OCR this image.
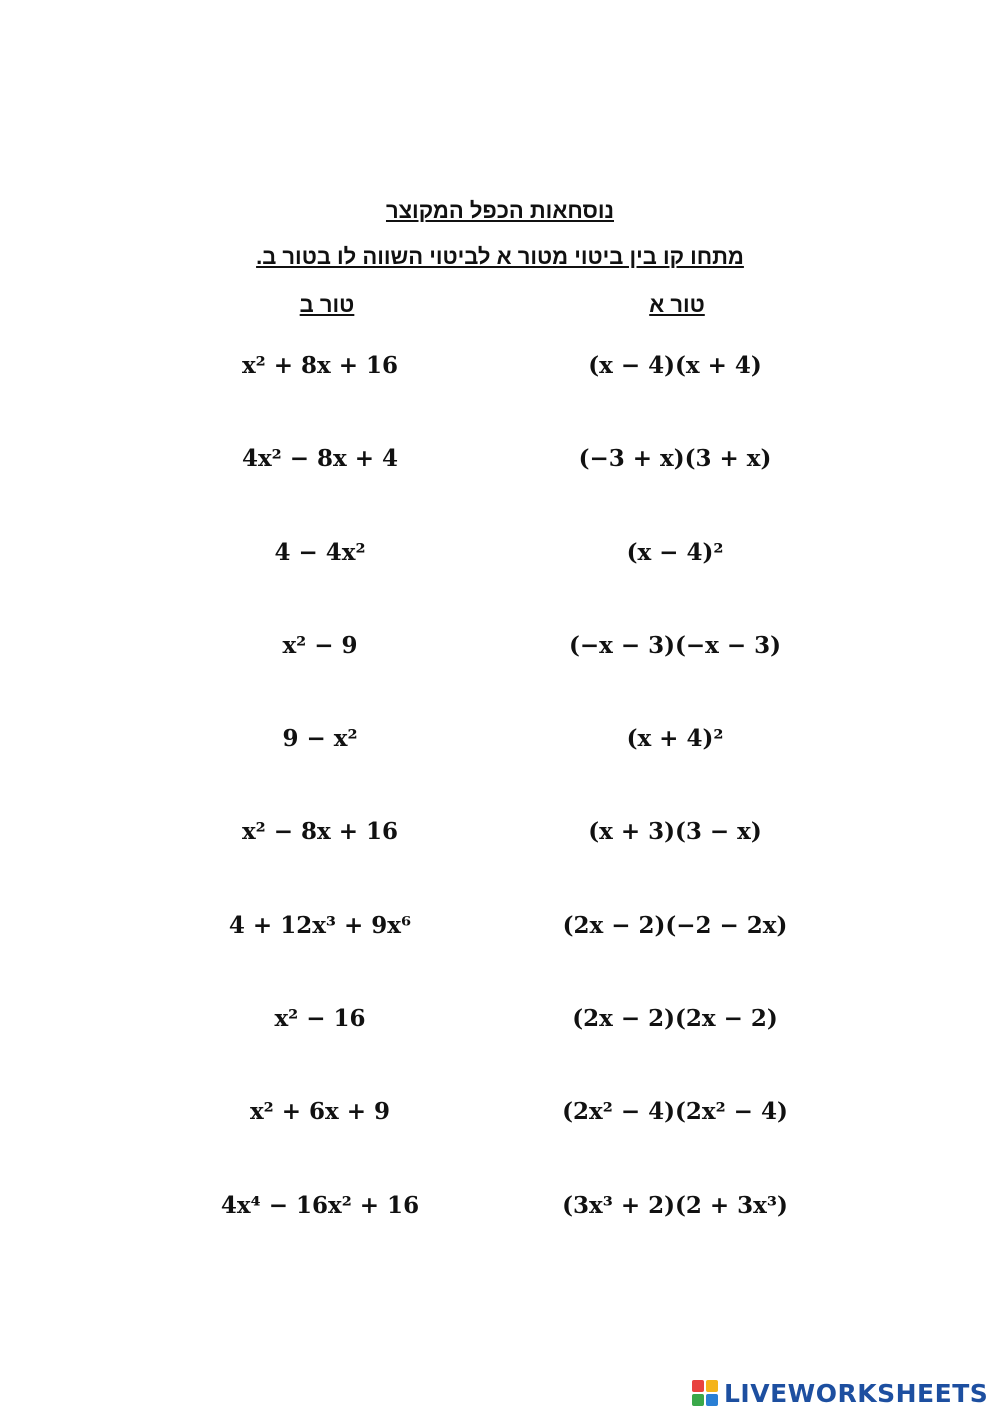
נוסחאות הכפל המקוצר
מתחו קו בין ביטוי מטור א לביטוי השווה לו בטור ב.
טור ב	טור א
x² + 8x + 16
4x² − 8x + 4
4 − 4x²
x² − 9
9 − x²
x² − 8x + 16
4 + 12x³ + 9x⁶
x² − 16
x² + 6x + 9
4x⁴ − 16x² + 16
(x − 4)(x + 4)
(−3 + x)(3 + x)
(x − 4)²
(−x − 3)(−x − 3)
(x + 4)²
(x + 3)(3 − x)
(2x − 2)(−2 − 2x)
(2x − 2)(2x − 2)
(2x² − 4)(2x² − 4)
(3x³ + 2)(2 + 3x³)
LIVEWORKSHEETS
